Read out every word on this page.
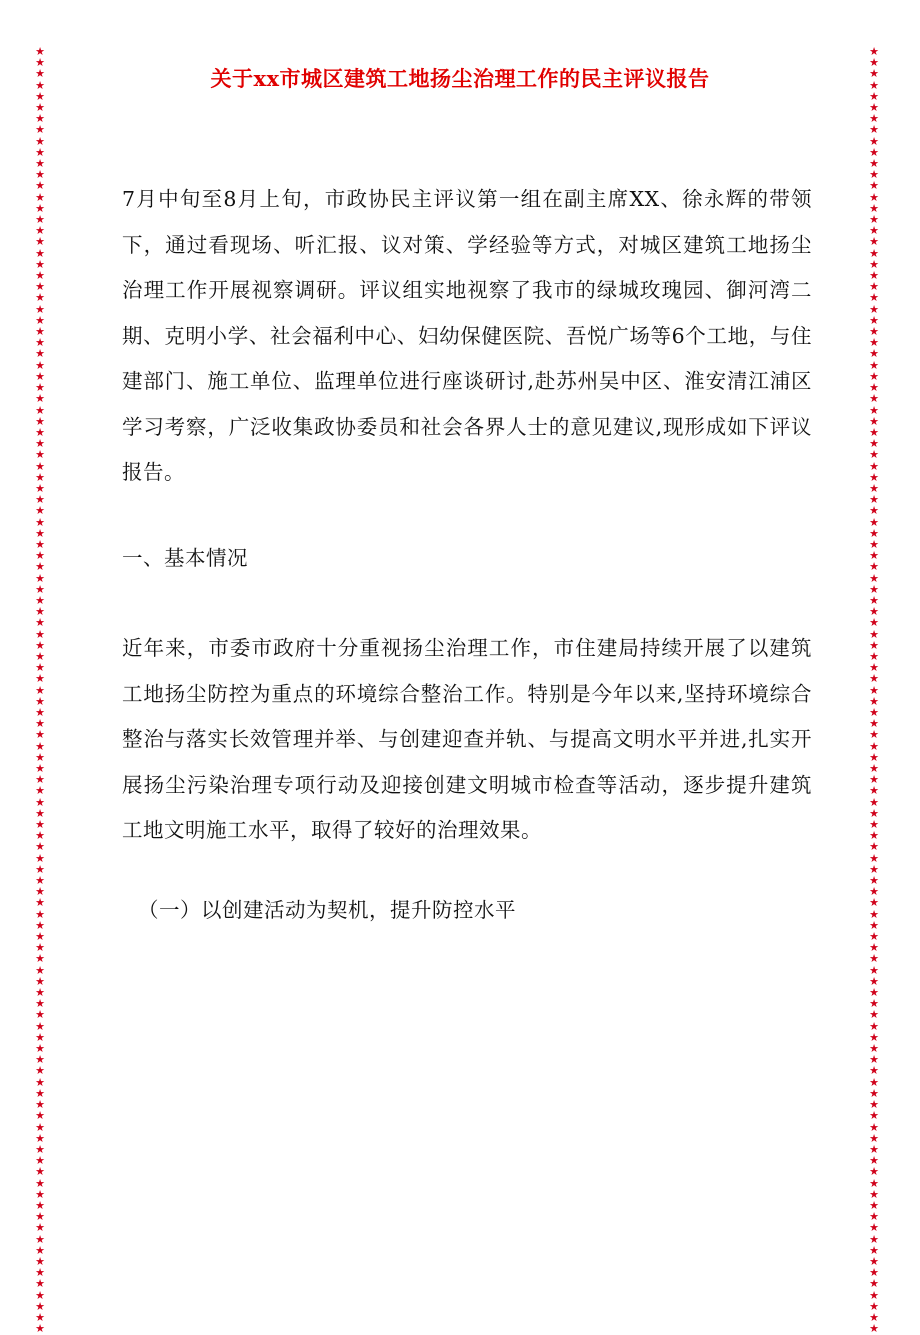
★★★★★★★★★★★★★★★★★★★★★★★★★★★★★★★★★★★★★★★★★★★★★★★★★★★★★★★★★★★★★★★★★★★★★★★★★★★★★★★★★★★★★★★★★★★★★★★★★★★★★★★★★★★★★★★★★★★
★★★★★★★★★★★★★★★★★★★★★★★★★★★★★★★★★★★★★★★★★★★★★★★★★★★★★★★★★★★★★★★★★★★★★★★★★★★★★★★★★★★★★★★★★★★★★★★★★★★★★★★★★★★★★★★★★★★
关于xx市城区建筑工地扬尘治理工作的民主评议报告

7月中旬至8月上旬，市政协民主评议第一组在副主席XX、徐永辉的带领下，通过看现场、听汇报、议对策、学经验等方式，对城区建筑工地扬尘治理工作开展视察调研。评议组实地视察了我市的绿城玫瑰园、御河湾二期、克明小学、社会福利中心、妇幼保健医院、吾悦广场等6个工地，与住建部门、施工单位、监理单位进行座谈研讨,赴苏州吴中区、淮安清江浦区学习考察，广泛收集政协委员和社会各界人士的意见建议,现形成如下评议报告。

一、基本情况

近年来，市委市政府十分重视扬尘治理工作，市住建局持续开展了以建筑工地扬尘防控为重点的环境综合整治工作。特别是今年以来,坚持环境综合整治与落实长效管理并举、与创建迎查并轨、与提高文明水平并进,扎实开展扬尘污染治理专项行动及迎接创建文明城市检查等活动，逐步提升建筑工地文明施工水平，取得了较好的治理效果。

（一）以创建活动为契机，提升防控水平
